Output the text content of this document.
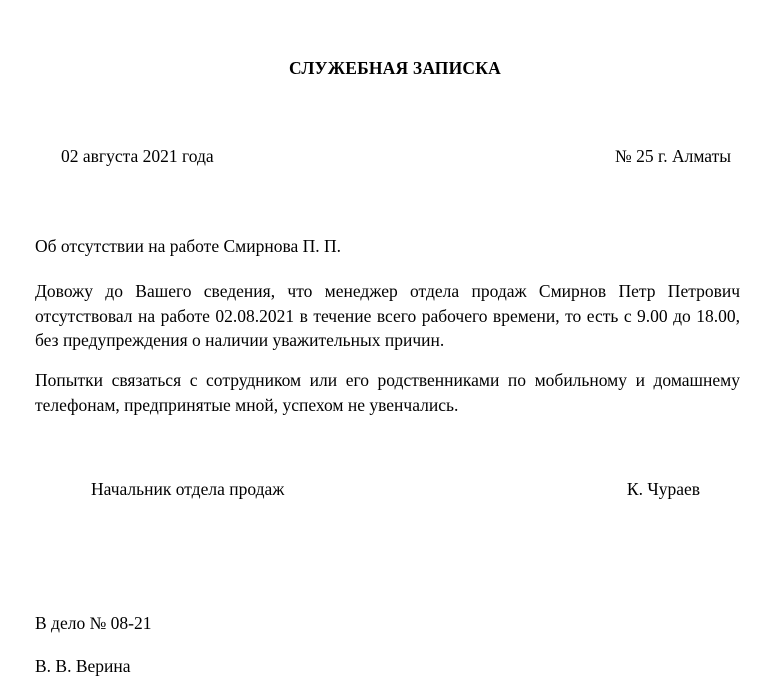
СЛУЖЕБНАЯ ЗАПИСКА
02 августа 2021 года	№ 25 г. Алматы
Об отсутствии на работе Смирнова П. П.

Довожу до Вашего сведения, что менеджер отдела продаж Смирнов Петр Петрович отсутствовал на работе 02.08.2021 в течение всего рабочего времени, то есть с 9.00 до 18.00, без предупреждения о наличии уважительных причин.

Попытки связаться с сотрудником или его родственниками по мобильному и домашнему телефонам, предпринятые мной, успехом не увенчались.

Начальник отдела продаж	К. Чураев
В дело № 08-21
В. В. Верина
